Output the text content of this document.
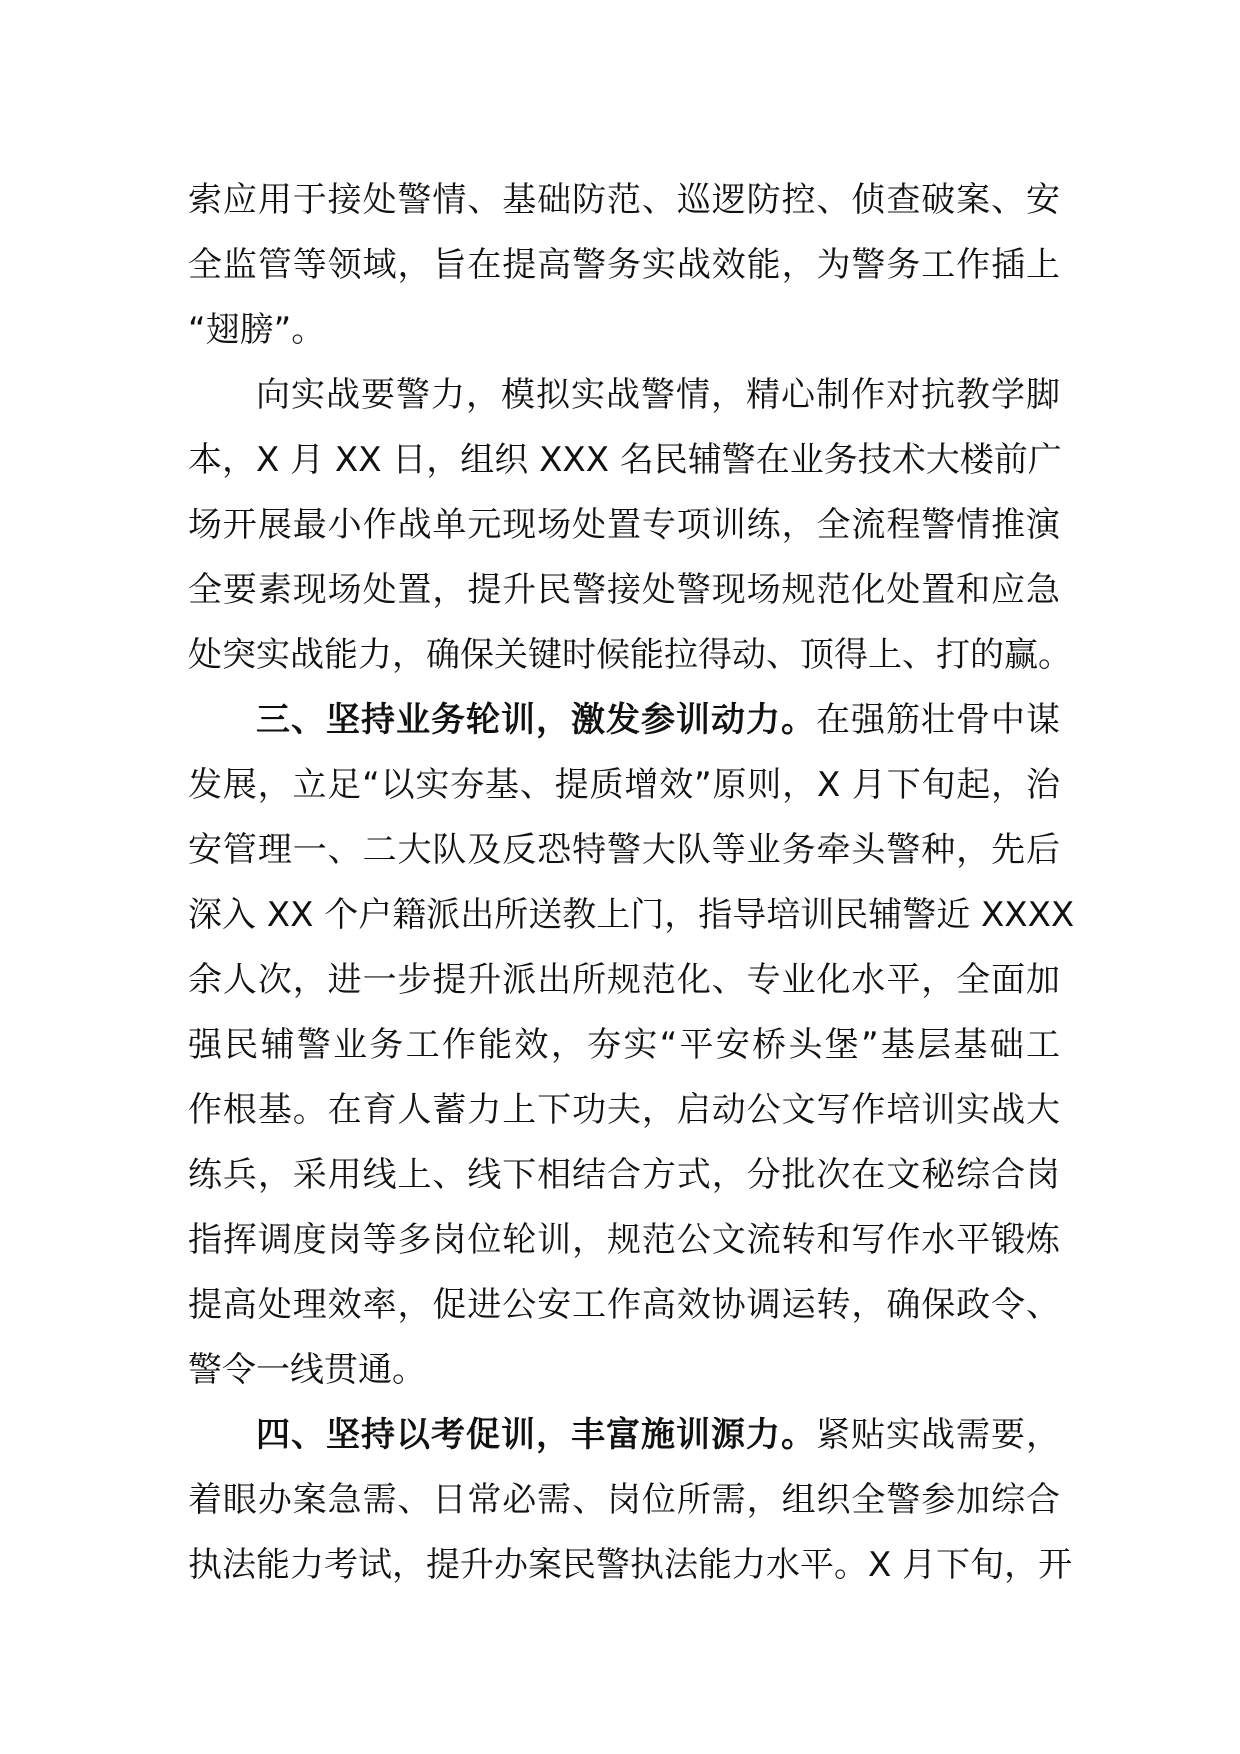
索应用于接处警情、基础防范、巡逻防控、侦查破案、安
全监管等领域，旨在提高警务实战效能，为警务工作插上
“翅膀”。
向实战要警力，模拟实战警情，精心制作对抗教学脚
本，X 月 XX 日，组织 XXX 名民辅警在业务技术大楼前广
场开展最小作战单元现场处置专项训练，全流程警情推演
全要素现场处置，提升民警接处警现场规范化处置和应急
处突实战能力，确保关键时候能拉得动、顶得上、打的赢。
三、坚持业务轮训，激发参训动力。在强筋壮骨中谋
发展，立足“以实夯基、提质增效”原则，X 月下旬起，治
安管理一、二大队及反恐特警大队等业务牵头警种，先后
深入 XX 个户籍派出所送教上门，指导培训民辅警近 XXXX
余人次，进一步提升派出所规范化、专业化水平，全面加
强民辅警业务工作能效，夯实“平安桥头堡”基层基础工
作根基。在育人蓄力上下功夫，启动公文写作培训实战大
练兵，采用线上、线下相结合方式，分批次在文秘综合岗
指挥调度岗等多岗位轮训，规范公文流转和写作水平锻炼
提高处理效率，促进公安工作高效协调运转，确保政令、
警令一线贯通。
四、坚持以考促训，丰富施训源力。紧贴实战需要，
着眼办案急需、日常必需、岗位所需，组织全警参加综合
执法能力考试，提升办案民警执法能力水平。X 月下旬，开
